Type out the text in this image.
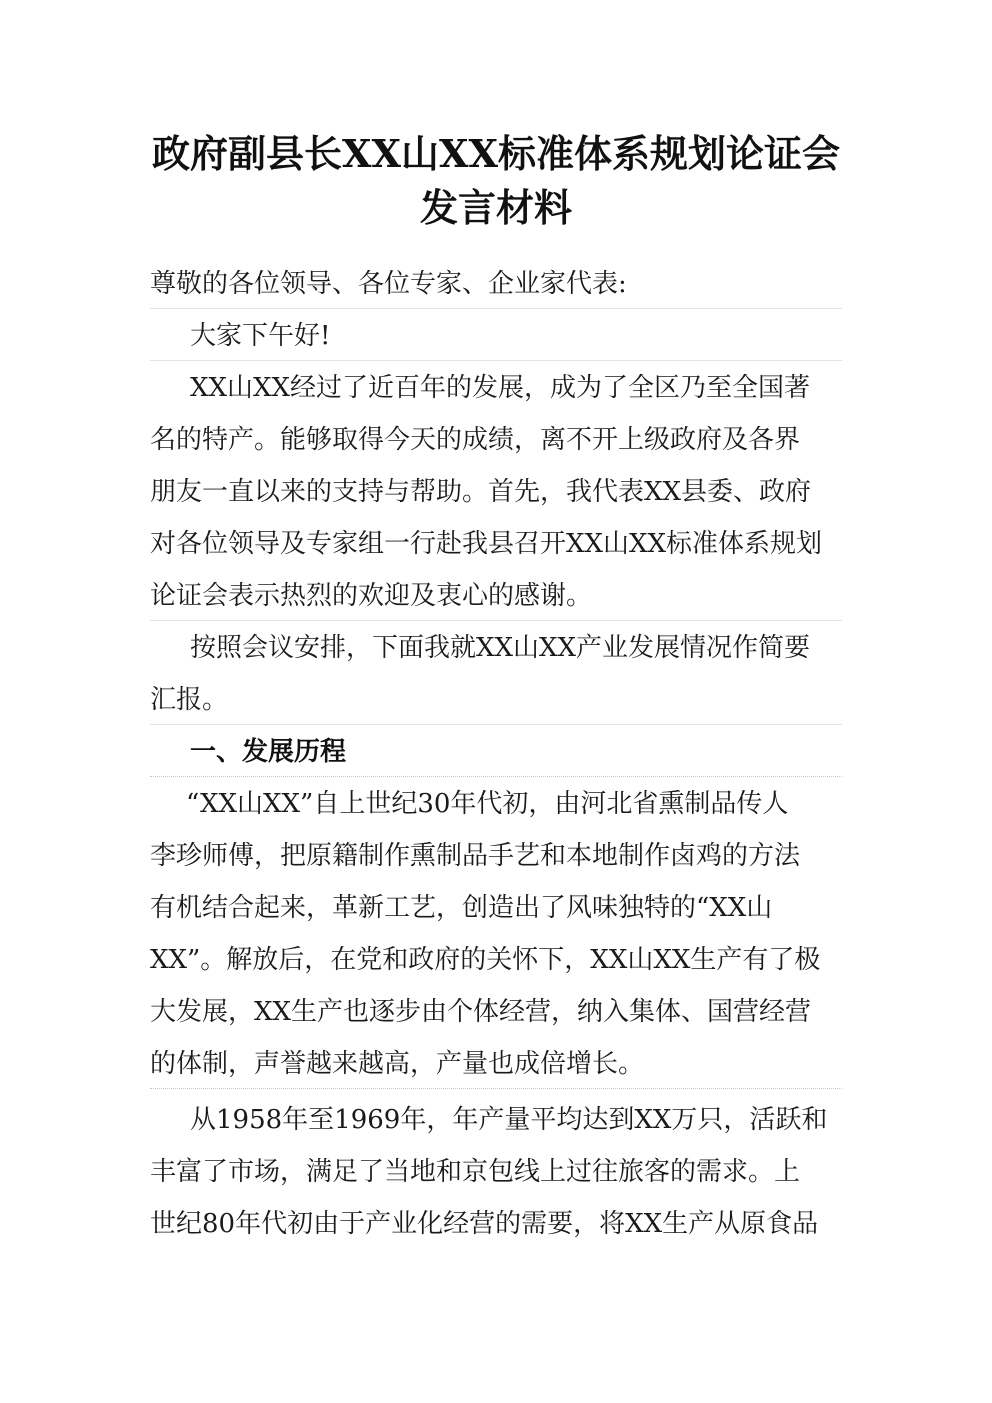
政府副县长XX山XX标准体系规划论证会
发言材料
尊敬的各位领导、各位专家、企业家代表:
大家下午好!
XX山XX经过了近百年的发展，成为了全区乃至全国著
名的特产。能够取得今天的成绩，离不开上级政府及各界
朋友一直以来的支持与帮助。首先，我代表XX县委、政府
对各位领导及专家组一行赴我县召开XX山XX标准体系规划
论证会表示热烈的欢迎及衷心的感谢。
按照会议安排，下面我就XX山XX产业发展情况作简要
汇报。
一、发展历程
“XX山XX”自上世纪30年代初，由河北省熏制品传人
李珍师傅，把原籍制作熏制品手艺和本地制作卤鸡的方法
有机结合起来，革新工艺，创造出了风味独特的“XX山
XX”。解放后，在党和政府的关怀下，XX山XX生产有了极
大发展，XX生产也逐步由个体经营，纳入集体、国营经营
的体制，声誉越来越高，产量也成倍增长。
从1958年至1969年，年产量平均达到XX万只，活跃和
丰富了市场，满足了当地和京包线上过往旅客的需求。上
世纪80年代初由于产业化经营的需要，将XX生产从原食品
